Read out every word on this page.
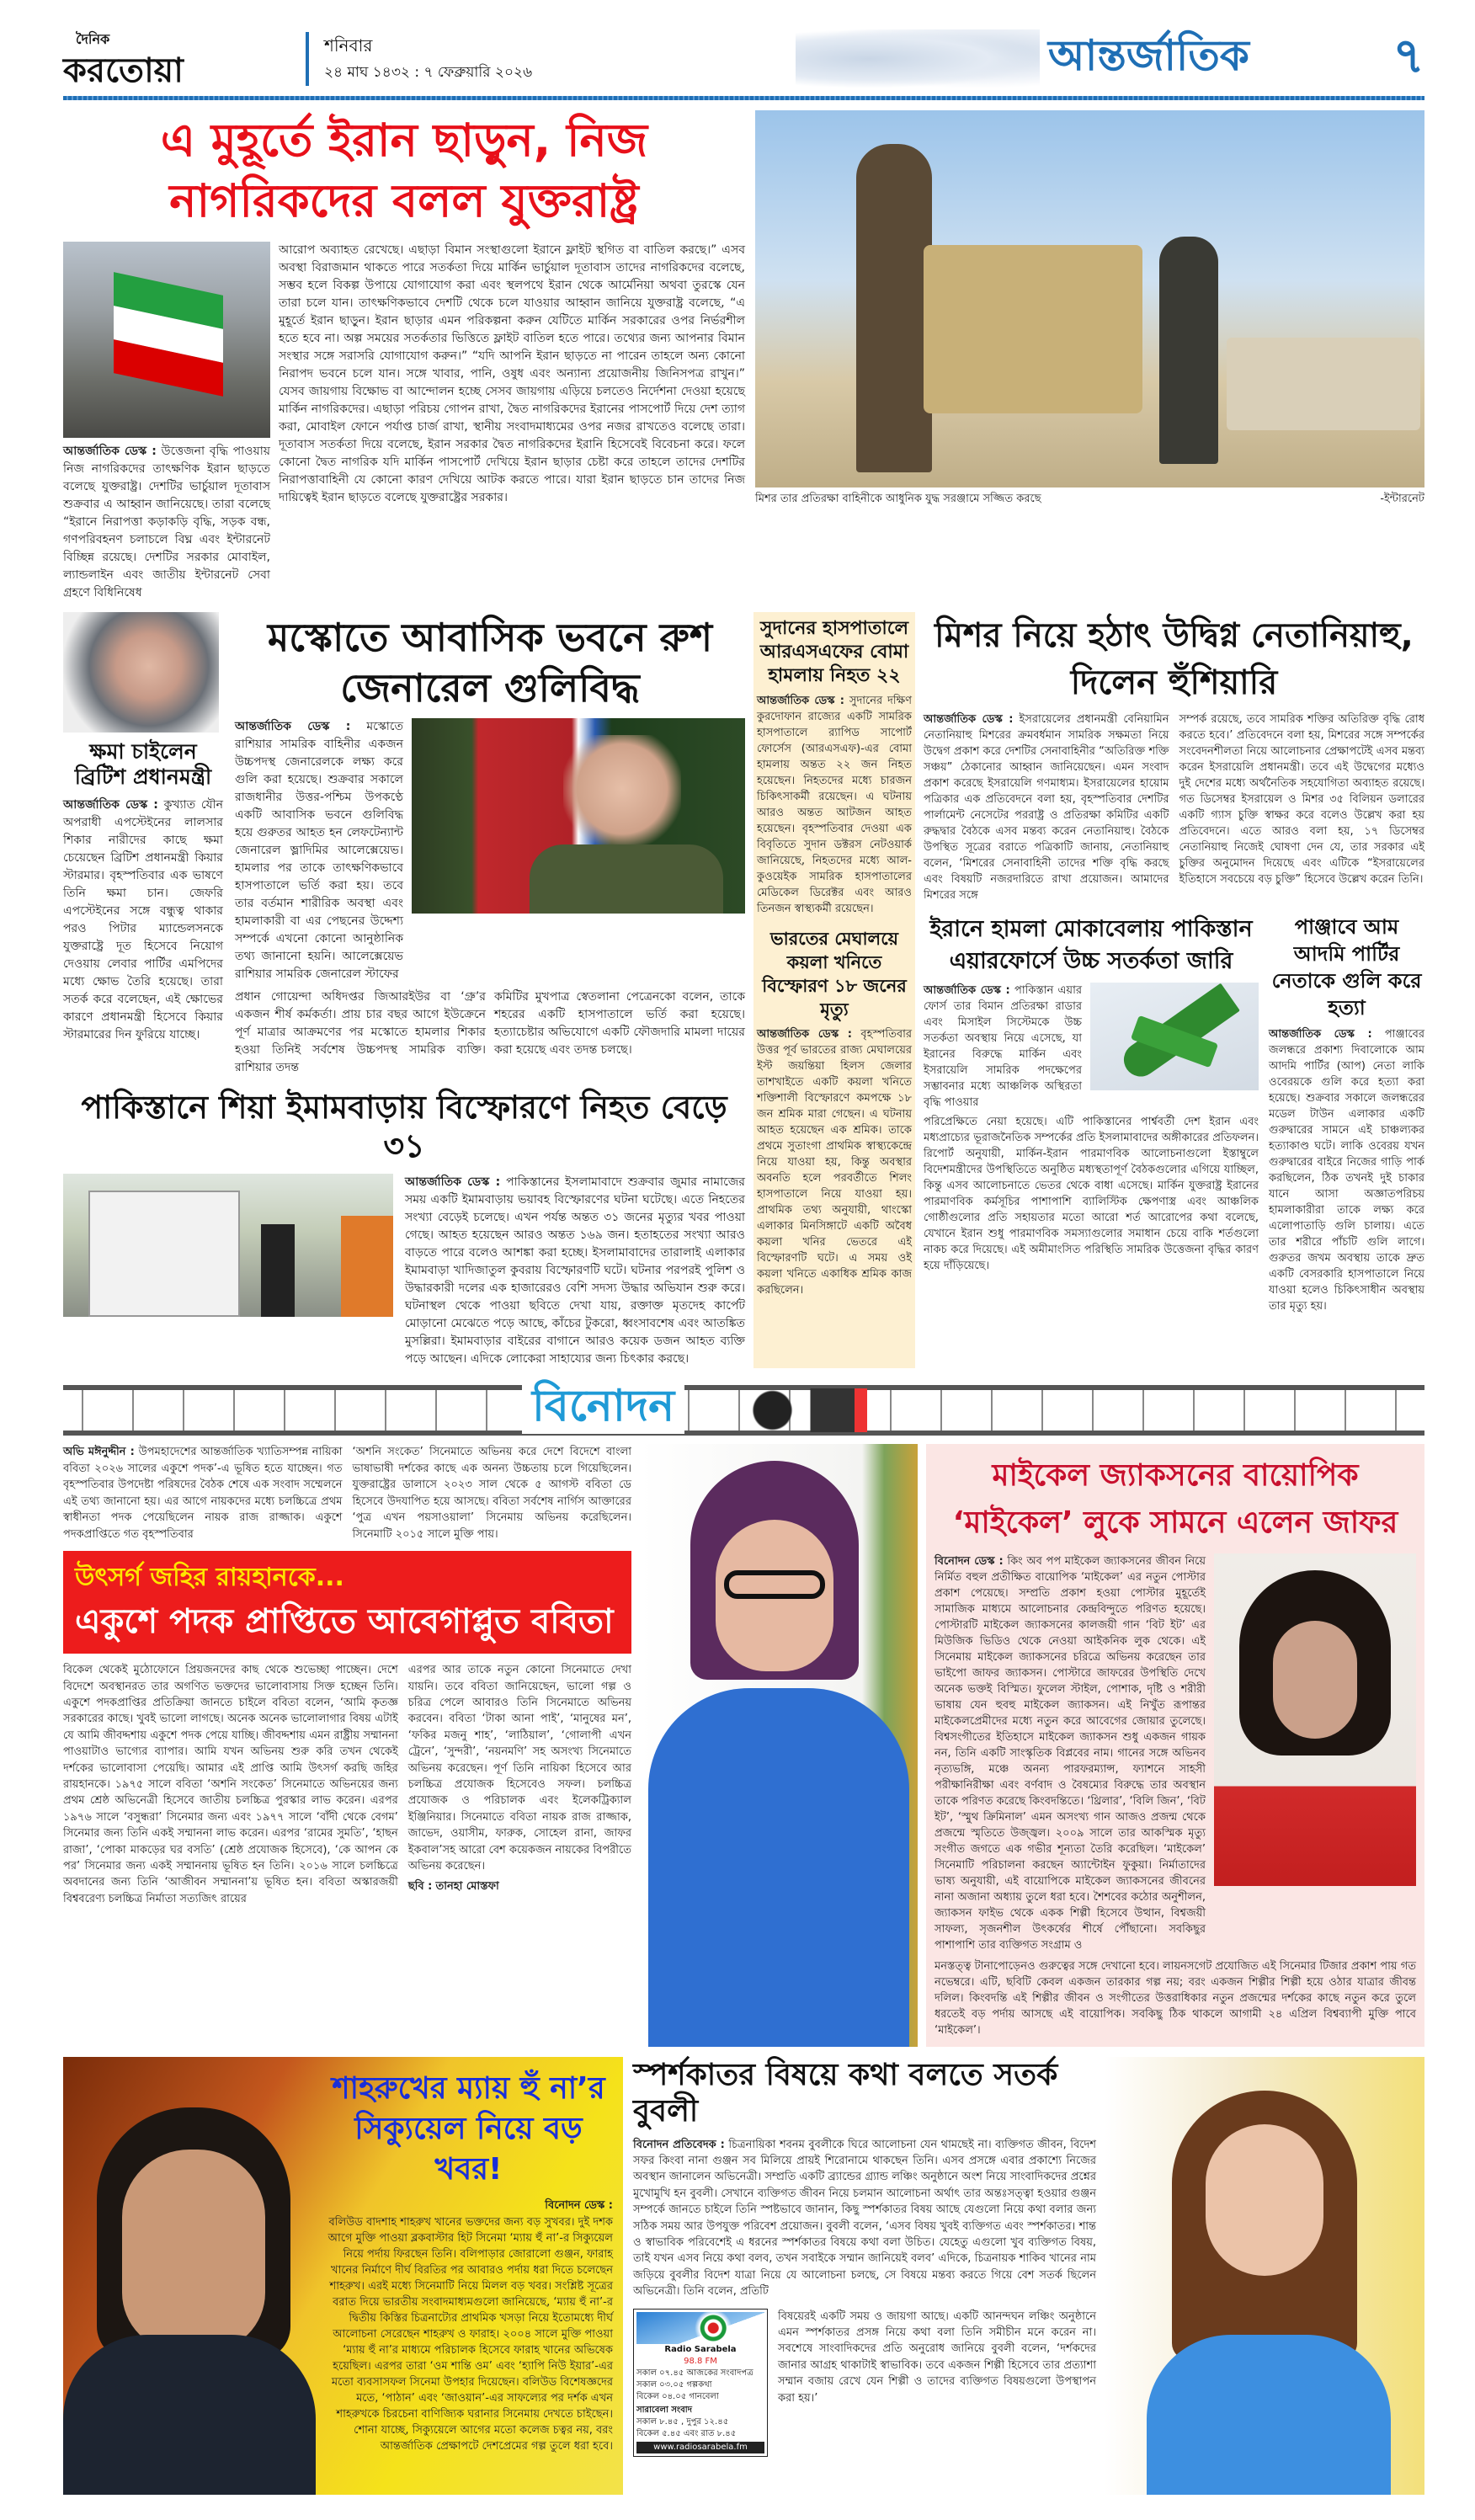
দৈনিক
করতোয়া
শনিবার
২৪ মাঘ ১৪৩২ : ৭ ফেব্রুয়ারি ২০২৬	আন্তর্জাতিক	৭
এ মুহূর্তে ইরান ছাড়ুন, নিজ নাগরিকদের বলল যুক্তরাষ্ট্র
আন্তর্জাতিক ডেস্ক : উত্তেজনা বৃদ্ধি পাওয়ায় নিজ নাগরিকদের তাৎক্ষণিক ইরান ছাড়তে বলেছে যুক্তরাষ্ট্র। দেশটির ভার্চুয়াল দূতাবাস শুক্রবার এ আহ্বান জানিয়েছে। তারা বলেছে “ইরানে নিরাপত্তা কড়াকড়ি বৃদ্ধি, সড়ক বন্ধ, গণপরিবহনণ চলাচলে বিঘ্ন এবং ইন্টারনেট বিচ্ছিন্ন রয়েছে। দেশটির সরকার মোবাইল, ল্যান্ডলাইন এবং জাতীয় ইন্টারনেট সেবা গ্রহণে বিধিনিষেধ
আরোপ অব্যাহত রেখেছে। এছাড়া বিমান সংস্থাগুলো ইরানে ফ্লাইট স্থগিত বা বাতিল করছে।” এসব অবস্থা বিরাজমান থাকতে পারে সতর্কতা দিয়ে মার্কিন ভার্চুয়াল দূতাবাস তাদের নাগরিকদের বলেছে, সম্ভব হলে বিকল্প উপায়ে যোগাযোগ করা এবং স্থলপথে ইরান থেকে আর্মেনিয়া অথবা তুরস্কে যেন তারা চলে যান। তাৎক্ষণিকভাবে দেশটি থেকে চলে যাওয়ার আহ্বান জানিয়ে যুক্তরাষ্ট্র বলেছে, “এ মুহূর্তে ইরান ছাড়ুন। ইরান ছাড়ার এমন পরিকল্পনা করুন যেটিতে মার্কিন সরকারের ওপর নির্ভরশীল হতে হবে না। অল্প সময়ের সতর্কতার ভিত্তিতে ফ্লাইট বাতিল হতে পারে। তথ্যের জন্য আপনার বিমান সংস্থার সঙ্গে সরাসরি যোগাযোগ করুন।” “যদি আপনি ইরান ছাড়তে না পারেন তাহলে অন্য কোনো নিরাপদ ভবনে চলে যান। সঙ্গে খাবার, পানি, ওষুধ এবং অন্যান্য প্রয়োজনীয় জিনিসপত্র রাখুন।” যেসব জায়গায় বিক্ষোভ বা আন্দোলন হচ্ছে সেসব জায়গায় এড়িয়ে চলতেও নির্দেশনা দেওয়া হয়েছে মার্কিন নাগরিকদের। এছাড়া পরিচয় গোপন রাখা, দ্বৈত নাগরিকদের ইরানের পাসপোর্ট দিয়ে দেশ ত্যাগ করা, মোবাইল ফোনে পর্যাপ্ত চার্জ রাখা, স্থানীয় সংবাদমাধ্যমের ওপর নজর রাখতেও বলেছে তারা। দূতাবাস সতর্কতা দিয়ে বলেছে, ইরান সরকার দ্বৈত নাগরিকদের ইরানি হিসেবেই বিবেচনা করে। ফলে কোনো দ্বৈত নাগরিক যদি মার্কিন পাসপোর্ট দেখিয়ে ইরান ছাড়ার চেষ্টা করে তাহলে তাদের দেশটির নিরাপত্তাবাহিনী যে কোনো কারণ দেখিয়ে আটক করতে পারে। যারা ইরান ছাড়তে চান তাদের নিজ দায়িত্বেই ইরান ছাড়তে বলেছে যুক্তরাষ্ট্রের সরকার।	মিশর তার প্রতিরক্ষা বাহিনীকে আধুনিক যুদ্ধ সরঞ্জামে সজ্জিত করছে	-ইন্টারনেট
ক্ষমা চাইলেন ব্রিটিশ প্রধানমন্ত্রী
আন্তর্জাতিক ডেস্ক : কুখ্যাত যৌন অপরাধী এপস্টেইনের লালসার শিকার নারীদের কাছে ক্ষমা চেয়েছেন ব্রিটিশ প্রধানমন্ত্রী কিয়ার স্টারমার। বৃহস্পতিবার এক ভাষণে তিনি ক্ষমা চান। জেফরি এপস্টেইনের সঙ্গে বন্ধুত্ব থাকার পরও পিটার ম্যান্ডেলসনকে যুক্তরাষ্ট্রে দূত হিসেবে নিয়োগ দেওয়ায় লেবার পার্টির এমপিদের মধ্যে ক্ষোভ তৈরি হয়েছে। তারা সতর্ক করে বলেছেন, এই ক্ষোভের কারণে প্রধানমন্ত্রী হিসেবে কিয়ার স্টারমারের দিন ফুরিয়ে যাচ্ছে।
মস্কোতে আবাসিক ভবনে রুশ জেনারেল গুলিবিদ্ধ
আন্তর্জাতিক ডেস্ক : মস্কোতে রাশিয়ার সামরিক বাহিনীর একজন উচ্চপদস্থ জেনারেলকে লক্ষ্য করে গুলি করা হয়েছে। শুক্রবার সকালে রাজধানীর উত্তর-পশ্চিম উপকণ্ঠে একটি আবাসিক ভবনে গুলিবিদ্ধ হয়ে গুরুতর আহত হন লেফটেন্যান্ট জেনারেল ভ্লাদিমির আলেক্সেয়েভ। হামলার পর তাকে তাৎক্ষণিকভাবে হাসপাতালে ভর্তি করা হয়। তবে তার বর্তমান শারীরিক অবস্থা এবং হামলাকারী বা এর পেছনের উদ্দেশ্য সম্পর্কে এখনো কোনো আনুষ্ঠানিক তথ্য জানানো হয়নি। আলেক্সেয়েভ রাশিয়ার সামরিক জেনারেল স্টাফের
প্রধান গোয়েন্দা অধিদপ্তর জিআরইউর বা ‘গ্রু’র একজন শীর্ষ কর্মকর্তা। প্রায় চার বছর আগে ইউক্রেনে পূর্ণ মাত্রার আক্রমণের পর মস্কোতে হামলার শিকার হওয়া তিনিই সর্বশেষ উচ্চপদস্থ সামরিক ব্যক্তি। রাশিয়ার তদন্ত
কমিটির মুখপাত্র স্বেতলানা পেত্রেনকো বলেন, তাকে শহরের একটি হাসপাতালে ভর্তি করা হয়েছে। হত্যাচেষ্টার অভিযোগে একটি ফৌজদারি মামলা দায়ের করা হয়েছে এবং তদন্ত চলছে।
পাকিস্তানে শিয়া ইমামবাড়ায় বিস্ফোরণে নিহত বেড়ে ৩১
আন্তর্জাতিক ডেস্ক : পাকিস্তানের ইসলামাবাদে শুক্রবার জুমার নামাজের সময় একটি ইমামবাড়ায় ভয়াবহ বিস্ফোরণের ঘটনা ঘটেছে। এতে নিহতের সংখ্যা বেড়েই চলেছে। এখন পর্যন্ত অন্তত ৩১ জনের মৃত্যুর খবর পাওয়া গেছে। আহত হয়েছেন আরও অন্তত ১৬৯ জন। হতাহতের সংখ্যা আরও বাড়তে পারে বলেও আশঙ্কা করা হচ্ছে। ইসলামাবাদের তারালাই এলাকার ইমামবাড়া খাদিজাতুল কুবরায় বিস্ফোরণটি ঘটে। ঘটনার পরপরই পুলিশ ও উদ্ধারকারী দলের এক হাজারেরও বেশি সদস্য উদ্ধার অভিযান শুরু করে। ঘটনাস্থল থেকে পাওয়া ছবিতে দেখা যায়, রক্তাক্ত মৃতদেহ কার্পেট মোড়ানো মেঝেতে পড়ে আছে, কাঁচের টুকরো, ধ্বংসাবশেষ এবং আতঙ্কিত মুসল্লিরা। ইমামবাড়ার বাইরের বাগানে আরও কয়েক ডজন আহত ব্যক্তি পড়ে আছেন। এদিকে লোকেরা সাহায্যের জন্য চিৎকার করছে।
সুদানের হাসপাতালে আরএসএফের বোমা হামলায় নিহত ২২
আন্তর্জাতিক ডেস্ক : সুদানের দক্ষিণ কুরদোফান রাজ্যের একটি সামরিক হাসপাতালে র‍্যাপিড সাপোর্ট ফোর্সেস (আরএসএফ)-এর বোমা হামলায় অন্তত ২২ জন নিহত হয়েছেন। নিহতদের মধ্যে চারজন চিকিৎসাকর্মী রয়েছেন। এ ঘটনায় আরও অন্তত আটজন আহত হয়েছেন। বৃহস্পতিবার দেওয়া এক বিবৃতিতে সুদান ডক্টরস নেটওয়ার্ক জানিয়েছে, নিহতদের মধ্যে আল-কুওয়েইক সামরিক হাসপাতালের মেডিকেল ডিরেক্টর এবং আরও তিনজন স্বাস্থ্যকর্মী রয়েছেন।
ভারতের মেঘালয়ে কয়লা খনিতে বিস্ফোরণ ১৮ জনের মৃত্যু
আন্তর্জাতিক ডেস্ক : বৃহস্পতিবার উত্তর পূর্ব ভারতের রাজ্য মেঘালয়ের ইস্ট জয়ন্তিয়া হিলস জেলার তাশখাইতে একটি কয়লা খনিতে শক্তিশালী বিস্ফোরণে কমপক্ষে ১৮ জন শ্রমিক মারা গেছেন। এ ঘটনায় আহত হয়েছেন এক শ্রমিক। তাকে প্রথমে সুতাংগা প্রাথমিক স্বাস্থ্যকেন্দ্রে নিয়ে যাওয়া হয়, কিন্তু অবস্থার অবনতি হলে পরবর্তীতে শিলং হাসপাতালে নিয়ে যাওয়া হয়। প্রাথমিক তথ্য অনুযায়ী, থাংস্কো এলাকার মিনসিঙ্গাটে একটি অবৈধ কয়লা খনির ভেতরে এই বিস্ফোরণটি ঘটে। এ সময় ওই কয়লা খনিতে একাধিক শ্রমিক কাজ করছিলেন।
মিশর নিয়ে হঠাৎ উদ্বিগ্ন নেতানিয়াহু, দিলেন হুঁশিয়ারি
আন্তর্জাতিক ডেস্ক : ইসরায়েলের প্রধানমন্ত্রী বেনিয়ামিন নেতানিয়াহু মিশরের ক্রমবর্ধমান সামরিক সক্ষমতা নিয়ে উদ্বেগ প্রকাশ করে দেশটির সেনাবাহিনীর “অতিরিক্ত শক্তি সঞ্চয়” ঠেকানোর আহ্বান জানিয়েছেন। এমন সংবাদ প্রকাশ করেছে ইসরায়েলি গণমাধ্যম। ইসরায়েলের হায়োম পত্রিকার এক প্রতিবেদনে বলা হয়, বৃহস্পতিবার দেশটির পার্লামেন্ট নেসেটের পররাষ্ট্র ও প্রতিরক্ষা কমিটির একটি রুদ্ধদ্বার বৈঠকে এসব মন্তব্য করেন নেতানিয়াহু। বৈঠকে উপস্থিত সূত্রের বরাতে পত্রিকাটি জানায়, নেতানিয়াহু বলেন, ‘মিশরের সেনাবাহিনী তাদের শক্তি বৃদ্ধি করছে এবং বিষয়টি নজরদারিতে রাখা প্রয়োজন। আমাদের মিশরের সঙ্গে
সম্পর্ক রয়েছে, তবে সামরিক শক্তির অতিরিক্ত বৃদ্ধি রোধ করতে হবে।’ প্রতিবেদনে বলা হয়, মিশরের সঙ্গে সম্পর্কের সংবেদনশীলতা নিয়ে আলোচনার প্রেক্ষাপটেই এসব মন্তব্য করেন ইসরায়েলি প্রধানমন্ত্রী। তবে এই উদ্বেগের মধ্যেও দুই দেশের মধ্যে অর্থনৈতিক সহযোগিতা অব্যাহত রয়েছে। গত ডিসেম্বর ইসরায়েল ও মিশর ৩৫ বিলিয়ন ডলারের একটি গ্যাস চুক্তি স্বাক্ষর করে বলেও উল্লেখ করা হয় প্রতিবেদনে। এতে আরও বলা হয়, ১৭ ডিসেম্বর নেতানিয়াহু নিজেই ঘোষণা দেন যে, তার সরকার এই চুক্তির অনুমোদন দিয়েছে এবং এটিকে “ইসরায়েলের ইতিহাসে সবচেয়ে বড় চুক্তি” হিসেবে উল্লেখ করেন তিনি।
ইরানে হামলা মোকাবেলায় পাকিস্তান এয়ারফোর্সে উচ্চ সতর্কতা জারি
আন্তর্জাতিক ডেস্ক : পাকিস্তান এয়ার ফোর্স তার বিমান প্রতিরক্ষা রাডার এবং মিসাইল সিস্টেমকে উচ্চ সতর্কতা অবস্থায় নিয়ে এসেছে, যা ইরানের বিরুদ্ধে মার্কিন এবং ইসরায়েলি সামরিক পদক্ষেপের সম্ভাবনার মধ্যে আঞ্চলিক অস্থিরতা বৃদ্ধি পাওয়ার
পরিপ্রেক্ষিতে নেয়া হয়েছে। এটি পাকিস্তানের পার্শ্ববর্তী দেশ ইরান এবং মধ্যপ্রাচ্যের ভূরাজনৈতিক সম্পর্কের প্রতি ইসলামাবাদের অঙ্গীকারের প্রতিফলন। রিপোর্ট অনুযায়ী, মার্কিন-ইরান পারমাণবিক আলোচনাগুলো ইস্তাম্বুলে বিদেশমন্ত্রীদের উপস্থিতিতে অনুষ্ঠিত মধ্যস্থতাপূর্ণ বৈঠকগুলোর এগিয়ে যাচ্ছিল, কিন্তু এসব আলোচনাতে ভেতর থেকে বাধা এসেছে। মার্কিন যুক্তরাষ্ট্র ইরানের পারমাণবিক কর্মসূচির পাশাপাশি ব্যালিস্টিক ক্ষেপণাস্ত্র এবং আঞ্চলিক গোষ্ঠীগুলোর প্রতি সহায়তার মতো আরো শর্ত আরোপের কথা বলেছে, যেখানে ইরান শুধু পারমাণবিক সমস্যাগুলোর সমাধান চেয়ে বাকি শর্তগুলো নাকচ করে দিয়েছে। এই অমীমাংসিত পরিস্থিতি সামরিক উত্তেজনা বৃদ্ধির কারণ হয়ে দাঁড়িয়েছে।
পাঞ্জাবে আম আদমি পার্টির নেতাকে গুলি করে হত্যা
আন্তর্জাতিক ডেস্ক : পাঞ্জাবের জলন্ধরে প্রকাশ্য দিবালোকে আম আদমি পার্টির (আপ) নেতা লাকি ওবেরয়কে গুলি করে হত্যা করা হয়েছে। শুক্রবার সকালে জলন্ধরের মডেল টাউন এলাকার একটি গুরুদ্বারের সামনে এই চাঞ্চল্যকর হত্যাকাণ্ড ঘটে। লাকি ওবেরয় যখন গুরুদ্বারের বাইরে নিজের গাড়ি পার্ক করছিলেন, ঠিক তখনই দুই চাকার যানে আসা অজ্ঞাতপরিচয় হামলাকারীরা তাকে লক্ষ্য করে এলোপাতাড়ি গুলি চালায়। এতে তার শরীরে পাঁচটি গুলি লাগে। গুরুতর জখম অবস্থায় তাকে দ্রুত একটি বেসরকারি হাসপাতালে নিয়ে যাওয়া হলেও চিকিৎসাধীন অবস্থায় তার মৃত্যু হয়।
বিনোদন
অভি মঈনুদ্দীন : উপমহাদেশের আন্তর্জাতিক খ্যাতিসম্পন্ন নায়িকা ববিতা ২০২৬ সালের একুশে পদক’-এ ভূষিত হতে যাচ্ছেন। গত বৃহস্পতিবার উপদেষ্টা পরিষদের বৈঠক শেষে এক সংবাদ সম্মেলনে এই তথ্য জানানো হয়। এর আগে নায়কদের মধ্যে চলচ্চিত্রে প্রথম স্বাধীনতা পদক পেয়েছিলেন নায়ক রাজ রাজ্জাক। একুশে পদকপ্রাপ্তিতে গত বৃহস্পতিবার
‘অশনি সংকেত’ সিনেমাতে অভিনয় করে দেশে বিদেশে বাংলা ভাষাভাষী দর্শকের কাছে এক অনন্য উচ্চতায় চলে গিয়েছিলেন। যুক্তরাষ্ট্রের ডালাসে ২০২৩ সাল থেকে ৫ আগস্ট ববিতা ডে হিসেবে উদযাপিত হয়ে আসছে। ববিতা সর্বশেষ নার্গিস আক্তারের ‘পুত্র এখন পয়সাওয়ালা’ সিনেমায় অভিনয় করেছিলেন। সিনেমাটি ২০১৫ সালে মুক্তি পায়।
উৎসর্গ জহির রায়হানকে...
একুশে পদক প্রাপ্তিতে আবেগাপ্লুত ববিতা
বিকেল থেকেই মুঠোফোনে প্রিয়জনদের কাছ থেকে শুভেচ্ছা পাচ্ছেন। দেশে বিদেশে অবস্থানরত তার অগণিত ভক্তদের ভালোবাসায় সিক্ত হচ্ছেন তিনি। একুশে পদকপ্রাপ্তির প্রতিক্রিয়া জানতে চাইলে ববিতা বলেন, ‘আমি কৃতজ্ঞ সরকারের কাছে। খুবই ভালো লাগছে। অনেক অনেক ভালোলাগার বিষয় এটাই যে আমি জীবদ্দশায় একুশে পদক পেয়ে যাচ্ছি। জীবদ্দশায় এমন রাষ্ট্রীয় সম্মাননা পাওয়াটাও ভাগ্যের ব্যাপার। আমি যখন অভিনয় শুরু করি তখন থেকেই দর্শকের ভালোবাসা পেয়েছি। আমার এই প্রাপ্তি আমি উৎসর্গ করছি জহির রায়হানকে। ১৯৭৫ সালে ববিতা ‘অশনি সংকেত’ সিনেমাতে অভিনয়ের জন্য প্রথম শ্রেষ্ঠ অভিনেত্রী হিসেবে জাতীয় চলচ্চিত্র পুরস্কার লাভ করেন। এরপর ১৯৭৬ সালে ‘বসুন্ধরা’ সিনেমার জন্য এবং ১৯৭৭ সালে ‘বাঁদী থেকে বেগম’ সিনেমার জন্য তিনি একই সম্মাননা লাভ করেন। এরপর ‘রামের সুমতি’, ‘হাছন রাজা’, ‘পোকা মাকড়ের ঘর বসতি’ (শ্রেষ্ঠ প্রযোজক হিসেবে), ‘কে আপন কে পর’ সিনেমার জন্য একই সম্মাননায় ভূষিত হন তিনি। ২০১৬ সালে চলচ্চিত্রে অবদানের জন্য তিনি ‘আজীবন সম্মাননা’য় ভূষিত হন। ববিতা অস্কারজয়ী বিশ্ববরেণ্য চলচ্চিত্র নির্মাতা সত্যজিৎ রায়ের
এরপর আর তাকে নতুন কোনো সিনেমাতে দেখা যায়নি। তবে ববিতা জানিয়েছেন, ভালো গল্প ও চরিত্র পেলে আবারও তিনি সিনেমাতে অভিনয় করবেন। ববিতা ‘টাকা আনা পাই’, ‘মানুষের মন’, ‘ফকির মজনু শাহ’, ‘লাঠিয়াল’, ‘গোলাপী এখন ট্রেনে’, ‘সুন্দরী’, ‘নয়নমণি’ সহ অসংখ্য সিনেমাতে অভিনয় করেছেন। পূর্ণ তিনি নায়িকা হিসেবে আর চলচ্চিত্র প্রযোজক হিসেবেও সফল। চলচ্চিত্র প্রযোজক ও পরিচালক এবং ইলেকট্রিক্যাল ইঞ্জিনিয়ার। সিনেমাতে ববিতা নায়ক রাজ রাজ্জাক, জাভেদ, ওয়াসীম, ফারুক, সোহেল রানা, জাফর ইকবাল’সহ আরো বেশ কয়েকজন নায়কের বিপরীতে অভিনয় করেছেন।
ছবি : তানহা মোস্তফা
মাইকেল জ্যাকসনের বায়োপিক ‘মাইকেল’ লুকে সামনে এলেন জাফর
বিনোদন ডেস্ক : কিং অব পপ মাইকেল জ্যাকসনের জীবন নিয়ে নির্মিত বহুল প্রতীক্ষিত বায়োপিক ‘মাইকেল’ এর নতুন পোস্টার প্রকাশ পেয়েছে। সম্প্রতি প্রকাশ হওয়া পোস্টার মুহূর্তেই সামাজিক মাধ্যমে আলোচনার কেন্দ্রবিন্দুতে পরিণত হয়েছে। পোস্টারটি মাইকেল জ্যাকসনের কালজয়ী গান ‘বিট ইট’ এর মিউজিক ভিডিও থেকে নেওয়া আইকনিক লুক থেকে। এই সিনেমায় মাইকেল জ্যাকসনের চরিত্রে অভিনয় করেছেন তার ভাইপো জাফর জ্যাকসন। পোস্টারে জাফরের উপস্থিতি দেখে অনেক ভক্তই বিস্মিত। ফুলেল স্টাইল, পোশাক, দৃষ্টি ও শরীরী ভাষায় যেন হুবহু মাইকেল জ্যাকসন। এই নিখুঁত রূপান্তর মাইকেলপ্রেমীদের মধ্যে নতুন করে আবেগের জোয়ার তুলেছে। বিশ্বসংগীতের ইতিহাসে মাইকেল জ্যাকসন শুধু একজন গায়ক নন, তিনি একটি সাংস্কৃতিক বিপ্লবের নাম। গানের সঙ্গে অভিনব নৃত্যভঙ্গি, মঞ্চে অনন্য পারফরম্যান্স, ফ্যাশনে সাহসী পরীক্ষানিরীক্ষা এবং বর্ণবাদ ও বৈষম্যের বিরুদ্ধে তার অবস্থান তাকে পরিণত করেছে কিংবদন্তিতে। ‘থ্রিলার’, ‘বিলি জিন’, ‘বিট ইট’, ‘স্মুথ ক্রিমিনাল’ এমন অসংখ্য গান আজও প্রজন্ম থেকে প্রজন্মে স্মৃতিতে উজ্জ্বল। ২০০৯ সালে তার আকস্মিক মৃত্যু সংগীত জগতে এক গভীর শূন্যতা তৈরি করেছিল। ‘মাইকেল’ সিনেমাটি পরিচালনা করছেন অ্যান্টোইন ফুকুয়া। নির্মাতাদের ভাষ্য অনুযায়ী, এই বায়োপিকে মাইকেল জ্যাকসনের জীবনের নানা অজানা অধ্যায় তুলে ধরা হবে। শৈশবের কঠোর অনুশীলন, জ্যাকসন ফাইভ থেকে একক শিল্পী হিসেবে উত্থান, বিশ্বজয়ী সাফল্য, সৃজনশীল উৎকর্ষের শীর্ষে পৌঁছানো। সবকিছুর পাশাপাশি তার ব্যক্তিগত সংগ্রাম ও
মনস্তত্ত্ব টানাপোড়েনও গুরুত্বের সঙ্গে দেখানো হবে। লায়নসগেট প্রযোজিত এই সিনেমার টিজার প্রকাশ পায় গত নভেম্বরে। এটি, ছবিটি কেবল একজন তারকার গল্প নয়; বরং একজন শিল্পীর শিল্পী হয়ে ওঠার যাত্রার জীবন্ত দলিল। কিংবদন্তি এই শিল্পীর জীবন ও সংগীতের উত্তরাধিকার নতুন প্রজন্মের দর্শকের কাছে নতুন করে তুলে ধরতেই বড় পর্দায় আসছে এই বায়োপিক। সবকিছু ঠিক থাকলে আগামী ২৪ এপ্রিল বিশ্বব্যাপী মুক্তি পাবে ‘মাইকেল’।
শাহরুখের ম্যায় হুঁ না’র সিক্যুয়েল নিয়ে বড় খবর!
বিনোদন ডেস্ক :
বলিউড বাদশাহ শাহরুখ খানের ভক্তদের জন্য বড় সুখবর। দুই দশক আগে মুক্তি পাওয়া ব্লকবাস্টার হিট সিনেমা ‘ম্যায় হুঁ না’-র সিক্যুয়েল নিয়ে পর্দায় ফিরছেন তিনি। বলিপাড়ার জোরালো গুঞ্জন, ফারাহ খানের নির্মাণে দীর্ঘ বিরতির পর আবারও পর্দায় ধরা দিতে চলেছেন শাহরুখ। এরই মধ্যে সিনেমাটি নিয়ে মিলল বড় খবর। সংশ্লিষ্ট সূত্রের বরাত দিয়ে ভারতীয় সংবাদমাধ্যমগুলো জানিয়েছে, ‘ম্যায় হুঁ না’-র দ্বিতীয় কিস্তির চিত্রনাট্যের প্রাথমিক খসড়া নিয়ে ইতোমধ্যে দীর্ঘ আলোচনা সেরেছেন শাহরুখ ও ফারাহ। ২০০৪ সালে মুক্তি পাওয়া ‘ম্যায় হুঁ না’র মাধ্যমে পরিচালক হিসেবে ফারাহ খানের অভিষেক হয়েছিল। এরপর তারা ‘ওম শান্তি ওম’ এবং ‘হ্যাপি নিউ ইয়ার’-এর মতো ব্যবসাসফল সিনেমা উপহার দিয়েছেন। বলিউড বিশেষজ্ঞদের মতে, ‘পাঠান’ এবং ‘জাওয়ান’-এর সাফল্যের পর দর্শক এখন শাহরুখকে চিরচেনা বাণিজ্যিক ঘরানার সিনেমায় দেখতে চাইছেন। শোনা যাচ্ছে, সিক্যুয়েলে আগের মতো কলেজ চত্বর নয়, বরং আন্তর্জাতিক প্রেক্ষাপটে দেশপ্রেমের গল্প তুলে ধরা হবে।
স্পর্শকাতর বিষয়ে কথা বলতে সতর্ক বুবলী
বিনোদন প্রতিবেদক : চিত্রনায়িকা শবনম বুবলীকে ঘিরে আলোচনা যেন থামছেই না। ব্যক্তিগত জীবন, বিদেশ সফর কিংবা নানা গুঞ্জন সব মিলিয়ে প্রায়ই শিরোনামে থাকছেন তিনি। এসব প্রসঙ্গে এবার প্রকাশ্যে নিজের অবস্থান জানালেন অভিনেত্রী। সম্প্রতি একটি ব্র্যান্ডের গ্র্যান্ড লঞ্চিং অনুষ্ঠানে অংশ নিয়ে সাংবাদিকদের প্রশ্নের মুখোমুখি হন বুবলী। সেখানে ব্যক্তিগত জীবন নিয়ে চলমান আলোচনা অর্থাৎ তার অন্তঃসত্ত্বা হওয়ার গুঞ্জন সম্পর্কে জানতে চাইলে তিনি স্পষ্টভাবে জানান, কিছু স্পর্শকাতর বিষয় আছে যেগুলো নিয়ে কথা বলার জন্য সঠিক সময় আর উপযুক্ত পরিবেশ প্রয়োজন। বুবলী বলেন, ‘এসব বিষয় খুবই ব্যক্তিগত এবং স্পর্শকাতর। শান্ত ও স্বাভাবিক পরিবেশেই এ ধরনের স্পর্শকাতর বিষয়ে কথা বলা উচিত। যেহেতু এগুলো খুব ব্যক্তিগত বিষয়, তাই যখন এসব নিয়ে কথা বলব, তখন সবাইকে সম্মান জানিয়েই বলব’ এদিকে, চিত্রনায়ক শাকিব খানের নাম জড়িয়ে বুবলীর বিদেশ যাত্রা নিয়ে যে আলোচনা চলছে, সে বিষয়ে মন্তব্য করতে গিয়ে বেশ সতর্ক ছিলেন অভিনেত্রী। তিনি বলেন, প্রতিটি
Radio Sarabela
98.8 FM
সকাল ০৭.৪৫ আজকের সংবাদপত্র
সকাল ০৩.০৫ গল্পকথা
বিকেল ০৪.০৫ গানবেলা
সারাবেলা সংবাদ
সকাল ৮.৪৫ , দুপুর ১২.৪৫
বিকেল ৫.৪৫ এবং রাত ৮.৪৫
www.radiosarabela.fm
বিষয়েরই একটি সময় ও জায়গা আছে। একটি আনন্দঘন লঞ্চিং অনুষ্ঠানে এমন স্পর্শকাতর প্রসঙ্গ নিয়ে কথা বলা তিনি সমীচীন মনে করেন না। সবশেষে সাংবাদিকদের প্রতি অনুরোধ জানিয়ে বুবলী বলেন, ‘দর্শকদের জানার আগ্রহ থাকাটাই স্বাভাবিক। তবে একজন শিল্পী হিসেবে তার প্রত্যাশা সম্মান বজায় রেখে যেন শিল্পী ও তাদের ব্যক্তিগত বিষয়গুলো উপস্থাপন করা হয়।’
